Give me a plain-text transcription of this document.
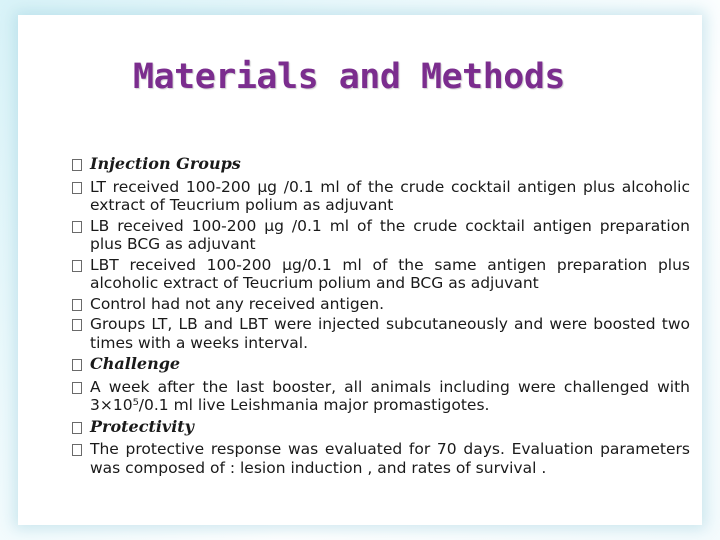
Materials and Methods
Injection Groups
LT received 100-200 µg /0.1 ml of the crude cocktail antigen plus alcoholic extract of Teucrium polium as adjuvant
LB received 100-200 µg /0.1 ml of the crude cocktail antigen preparation plus BCG as adjuvant
LBT received 100-200 µg/0.1 ml of the same antigen preparation plus alcoholic extract of Teucrium polium and BCG as adjuvant
Control had not any received antigen.
Groups LT, LB and LBT were injected subcutaneously and were boosted two times with a weeks interval.
Challenge
A week after the last booster, all animals including were challenged with 3×10⁵/0.1 ml live Leishmania major promastigotes.
Protectivity
The protective response was evaluated for 70 days. Evaluation parameters was composed of : lesion induction , and rates of survival .
